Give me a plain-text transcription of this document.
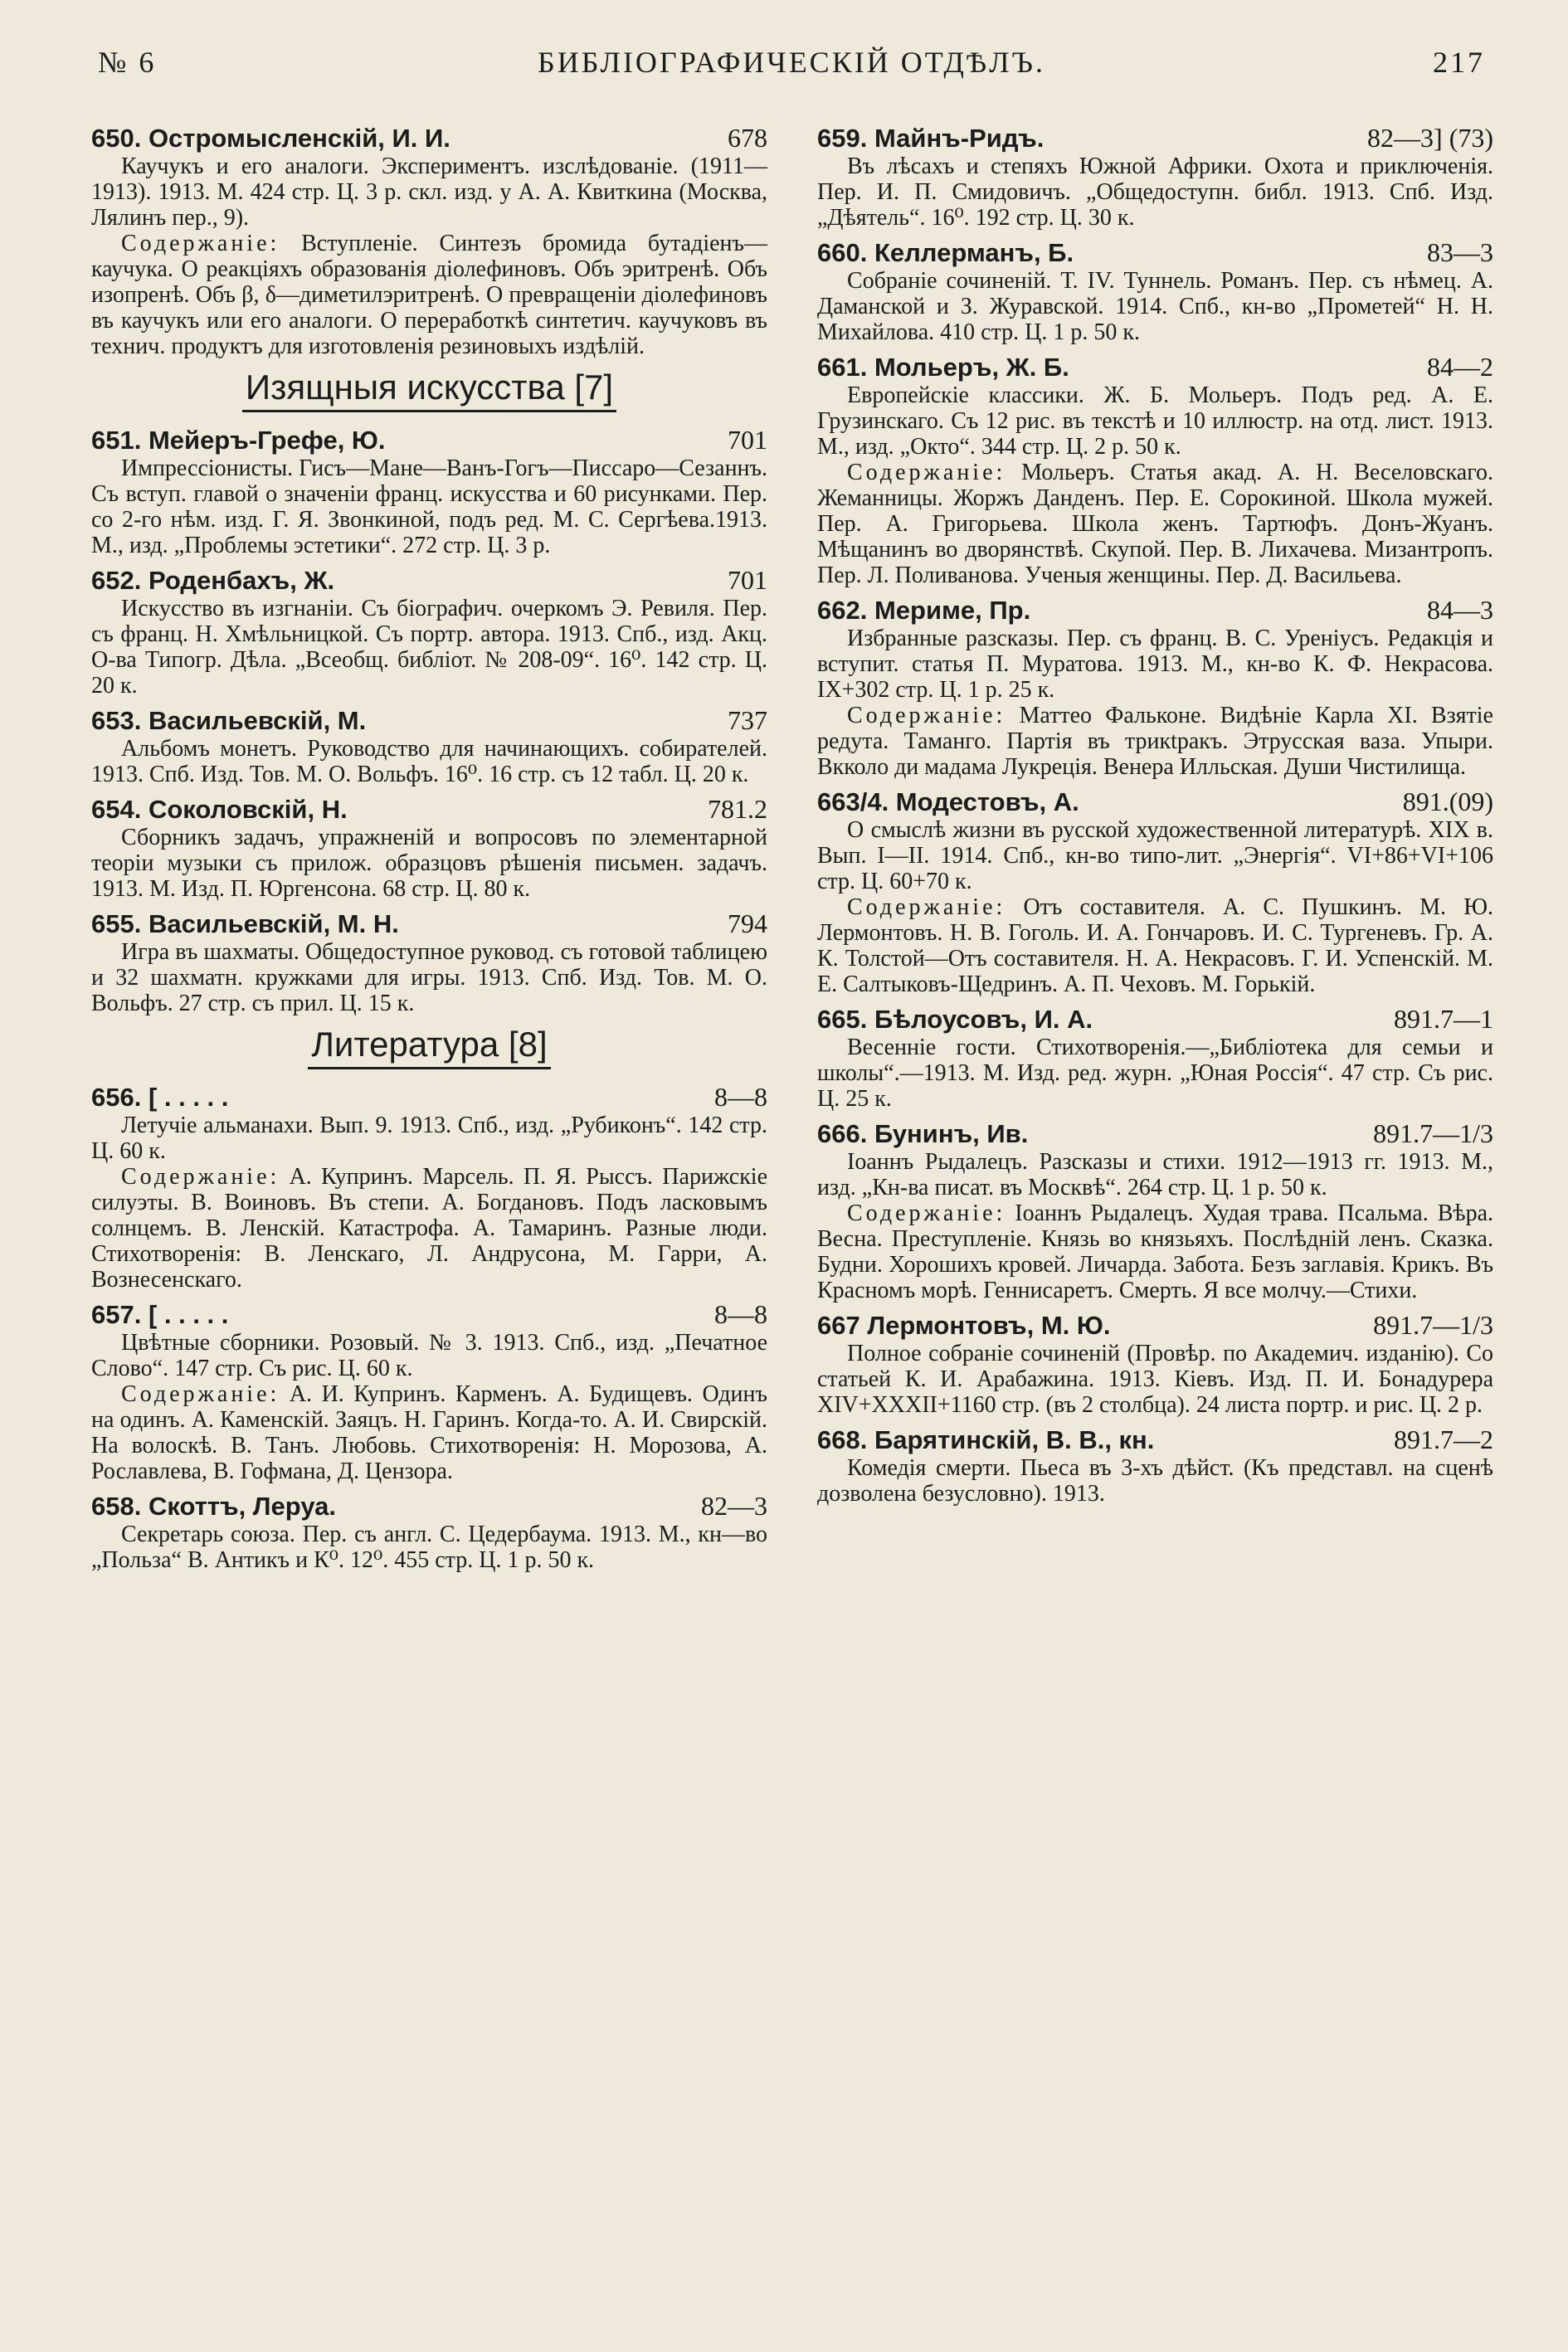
№ 6	БИБЛІОГРАФИЧЕСКІЙ ОТДѢЛЪ.	217
650. Остромысленскій, И. И.	678
Каучукъ и его аналоги. Экспериментъ. изслѣдованіе. (1911—1913). 1913. М. 424 стр. Ц. 3 р. скл. изд. у А. А. Квиткина (Москва, Лялинъ пер., 9).
Содержаніе: Вступленіе. Синтезъ бромида бутадіенъ—каучука. О реакціяхъ образованія діолефиновъ. Объ эритренѣ. Объ изопренѣ. Объ β, δ—диметилэритренѣ. О превращеніи діолефиновъ въ каучукъ или его аналоги. О переработкѣ синтетич. каучуковъ въ технич. продуктъ для изготовленія резиновыхъ издѣлій.
Изящныя искусства [7]
651. Мейеръ-Грефе, Ю.	701
Импрессіонисты. Гисъ—Мане—Ванъ-Гогъ—Писсаро—Сезаннъ. Съ вступ. главой о значеніи франц. искусства и 60 рисунками. Пер. со 2-го нѣм. изд. Г. Я. Звонкиной, подъ ред. М. С. Сергѣева.1913. М., изд. „Проблемы эстетики“. 272 стр. Ц. 3 р.
652. Роденбахъ, Ж.	701
Искусство въ изгнаніи. Съ біографич. очеркомъ Э. Ревиля. Пер. съ франц. Н. Хмѣльницкой. Съ портр. автора. 1913. Спб., изд. Акц. О-ва Типогр. Дѣла. „Всеобщ. библіот. № 208-09“. 16⁰. 142 стр. Ц. 20 к.
653. Васильевскій, М.	737
Альбомъ монетъ. Руководство для начинающихъ. собирателей. 1913. Спб. Изд. Тов. М. О. Вольфъ. 16⁰. 16 стр. съ 12 табл. Ц. 20 к.
654. Соколовскій, Н.	781.2
Сборникъ задачъ, упражненій и вопросовъ по элементарной теоріи музыки съ прилож. образцовъ рѣшенія письмен. задачъ. 1913. М. Изд. П. Юргенсона. 68 стр. Ц. 80 к.
655. Васильевскій, М. Н.	794
Игра въ шахматы. Общедоступное руковод. съ готовой таблицею и 32 шахматн. кружками для игры. 1913. Спб. Изд. Тов. М. О. Вольфъ. 27 стр. съ прил. Ц. 15 к.
Литература [8]
656. [ . . . . .	8—8
Летучіе альманахи. Вып. 9. 1913. Спб., изд. „Рубиконъ“. 142 стр. Ц. 60 к.
Содержаніе: А. Купринъ. Марсель. П. Я. Рыссъ. Парижскіе силуэты. В. Воиновъ. Въ степи. А. Богдановъ. Подъ ласковымъ солнцемъ. В. Ленскій. Катастрофа. А. Тамаринъ. Разные люди. Стихотворенія: В. Ленскаго, Л. Андрусона, М. Гарри, А. Вознесенскаго.
657. [ . . . . .	8—8
Цвѣтные сборники. Розовый. № 3. 1913. Спб., изд. „Печатное Слово“. 147 стр. Съ рис. Ц. 60 к.
Содержаніе: А. И. Купринъ. Карменъ. А. Будищевъ. Одинъ на одинъ. А. Каменскій. Заяцъ. Н. Гаринъ. Когда-то. А. И. Свирскій. На волоскѣ. В. Танъ. Любовь. Стихотворенія: Н. Морозова, А. Рославлева, В. Гофмана, Д. Цензора.
658. Скоттъ, Леруа.	82—3
Секретарь союза. Пер. съ англ. С. Цедербаума. 1913. М., кн—во „Польза“ В. Антикъ и К⁰. 12⁰. 455 стр. Ц. 1 р. 50 к.
659. Майнъ-Ридъ.	82—3] (73)
Въ лѣсахъ и степяхъ Южной Африки. Охота и приключенія. Пер. И. П. Смидовичъ. „Общедоступн. библ. 1913. Спб. Изд. „Дѣятель“. 16⁰. 192 стр. Ц. 30 к.
660. Келлерманъ, Б.	83—3
Собраніе сочиненій. Т. IV. Туннель. Романъ. Пер. съ нѣмец. А. Даманской и З. Журавской. 1914. Спб., кн-во „Прометей“ Н. Н. Михайлова. 410 стр. Ц. 1 р. 50 к.
661. Мольеръ, Ж. Б.	84—2
Европейскіе классики. Ж. Б. Мольеръ. Подъ ред. А. Е. Грузинскаго. Съ 12 рис. въ текстѣ и 10 иллюстр. на отд. лист. 1913. М., изд. „Окто“. 344 стр. Ц. 2 р. 50 к.
Содержаніе: Мольеръ. Статья акад. А. Н. Веселовскаго. Жеманницы. Жоржъ Данденъ. Пер. Е. Сорокиной. Школа мужей. Пер. А. Григорьева. Школа женъ. Тартюфъ. Донъ-Жуанъ. Мѣщанинъ во дворянствѣ. Скупой. Пер. В. Лихачева. Мизантропъ. Пер. Л. Поливанова. Ученыя женщины. Пер. Д. Васильева.
662. Мериме, Пр.	84—3
Избранные разсказы. Пер. съ франц. В. С. Уреніусъ. Редакція и вступит. статья П. Муратова. 1913. М., кн-во К. Ф. Некрасова. IX+302 стр. Ц. 1 р. 25 к.
Содержаніе: Маттео Фальконе. Видѣніе Карла XI. Взятіе редута. Таманго. Партія въ трикtракъ. Этрусская ваза. Упыри. Вкколо ди мадама Лукреція. Венера Илльская. Души Чистилища.
663/4. Модестовъ, А.	891.(09)
О смыслѣ жизни въ русской художественной литературѣ. XIX в. Вып. I—II. 1914. Спб., кн-во типо-лит. „Энергія“. VI+86+VI+106 стр. Ц. 60+70 к.
Содержаніе: Отъ составителя. А. С. Пушкинъ. М. Ю. Лермонтовъ. Н. В. Гоголь. И. А. Гончаровъ. И. С. Тургеневъ. Гр. А. К. Толстой—Отъ составителя. Н. А. Некрасовъ. Г. И. Успенскій. М. Е. Салтыковъ-Щедринъ. А. П. Чеховъ. М. Горькій.
665. Бѣлоусовъ, И. А.	891.7—1
Весенніе гости. Стихотворенія.—„Библіотека для семьи и школы“.—1913. М. Изд. ред. журн. „Юная Россія“. 47 стр. Съ рис. Ц. 25 к.
666. Бунинъ, Ив.	891.7—1/3
Іоаннъ Рыдалецъ. Разсказы и стихи. 1912—1913 гг. 1913. М., изд. „Кн-ва писат. въ Москвѣ“. 264 стр. Ц. 1 р. 50 к.
Содержаніе: Іоаннъ Рыдалецъ. Худая трава. Псальма. Вѣра. Весна. Преступленіе. Князь во князьяхъ. Послѣдній ленъ. Сказка. Будни. Хорошихъ кровей. Личарда. Забота. Безъ заглавія. Крикъ. Въ Красномъ морѣ. Геннисаретъ. Смерть. Я все молчу.—Стихи.
667 Лермонтовъ, М. Ю.	891.7—1/3
Полное собраніе сочиненій (Провѣр. по Академич. изданію). Со статьей К. И. Арабажина. 1913. Кіевъ. Изд. П. И. Бонадурера XIV+XXXII+1160 стр. (въ 2 столбца). 24 листа портр. и рис. Ц. 2 р.
668. Барятинскій, В. В., кн.	891.7—2
Комедія смерти. Пьеса въ 3-хъ дѣйст. (Къ представл. на сценѣ дозволена безусловно). 1913.
